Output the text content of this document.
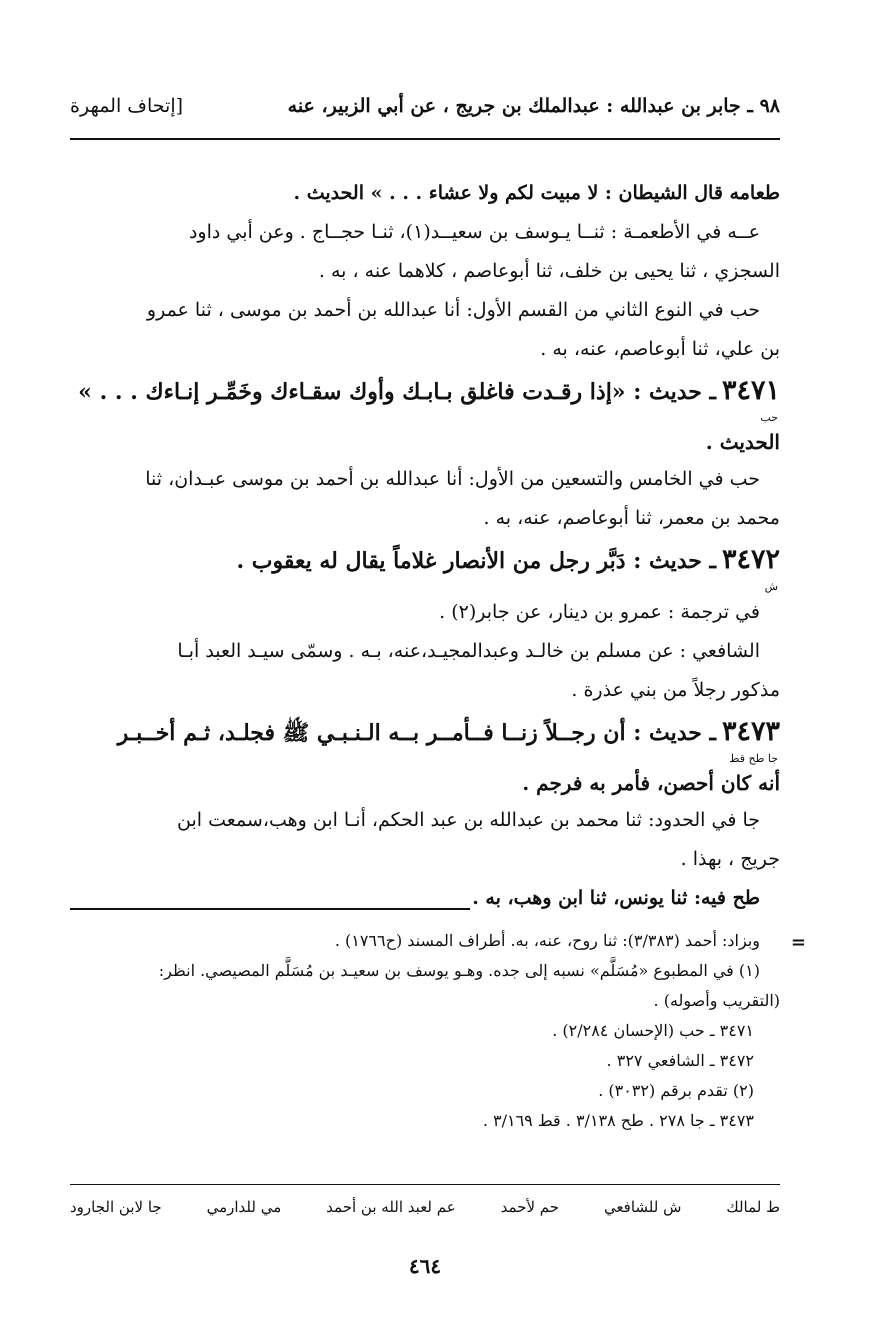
٩٨ ـ جابر بن عبدالله : عبدالملك بن جريج ، عن أبي الزبير، عنه
[إتحاف المهرة
طعامه قال الشيطان : لا مبيت لكم ولا عشاء . . . » الحديث .
عــه في الأطعمـة : ثنــا يـوسف بن سعيــد(١)، ثنـا حجــاج . وعن أبي داود
السجزي ، ثنا يحيى بن خلف، ثنا أبوعاصم ، كلاهما عنه ، به .
حب في النوع الثاني من القسم الأول: أنا عبدالله بن أحمد بن موسى ، ثنا عمرو
بن علي، ثنا أبوعاصم، عنه، به .
٣٤٧١ـ حديث : «إذا رقـدت فاغلق بـابـك وأوك سقـاءك وخَمِّـر إنـاءك . . . »
حب
الحديث .
حب في الخامس والتسعين من الأول: أنا عبدالله بن أحمد بن موسى عبـدان، ثنا
محمد بن معمر، ثنا أبوعاصم، عنه، به .
٣٤٧٢ـ حديث : دَبَّر رجل من الأنصار غلاماً يقال له يعقوب .
ش
في ترجمة : عمرو بن دينار، عن جابر(٢) .
الشافعي : عن مسلم بن خالـد وعبدالمجيـد،عنه، بـه . وسمّى سيـد العبد أبـا
مذكور رجلاً من بني عذرة .
٣٤٧٣ـ حديث : أن رجــلاً زنــا فــأمــر بــه الـنـبـي ﷺ فجلـد، ثـم أخــبـر
جا طح قط
أنه كان أحصن، فأمر به فرجم .
جا في الحدود: ثنا محمد بن عبدالله بن عبد الحكم، أنـا ابن وهب،سمعت ابن
جريج ، بهذا .
طح فيه: ثنا يونس، ثنا ابن وهب، به .
=
وبزاد: أحمد (٣/٣٨٣): ثنا روح، عنه، به. أطراف المسند (ح١٧٦٦) .
(١) في المطبوع «مُسَلَّم» نسبه إلى جده. وهـو يوسف بن سعيـد بن مُسَلَّم المصيصي. انظر:
(التقريب وأصوله) .
٣٤٧١ ـ حب (الإحسان ٢/٢٨٤) .
٣٤٧٢ ـ الشافعي ٣٢٧ .
(٢) تقدم برقم (٣٠٣٢) .
٣٤٧٣ ـ جا ٢٧٨ . طح ٣/١٣٨ . قط ٣/١٦٩ .
ط لمالك
ش للشافعي
حم لأحمد
عم لعبد الله بن أحمد
مي للدارمي
جا لابن الجارود
٤٦٤
